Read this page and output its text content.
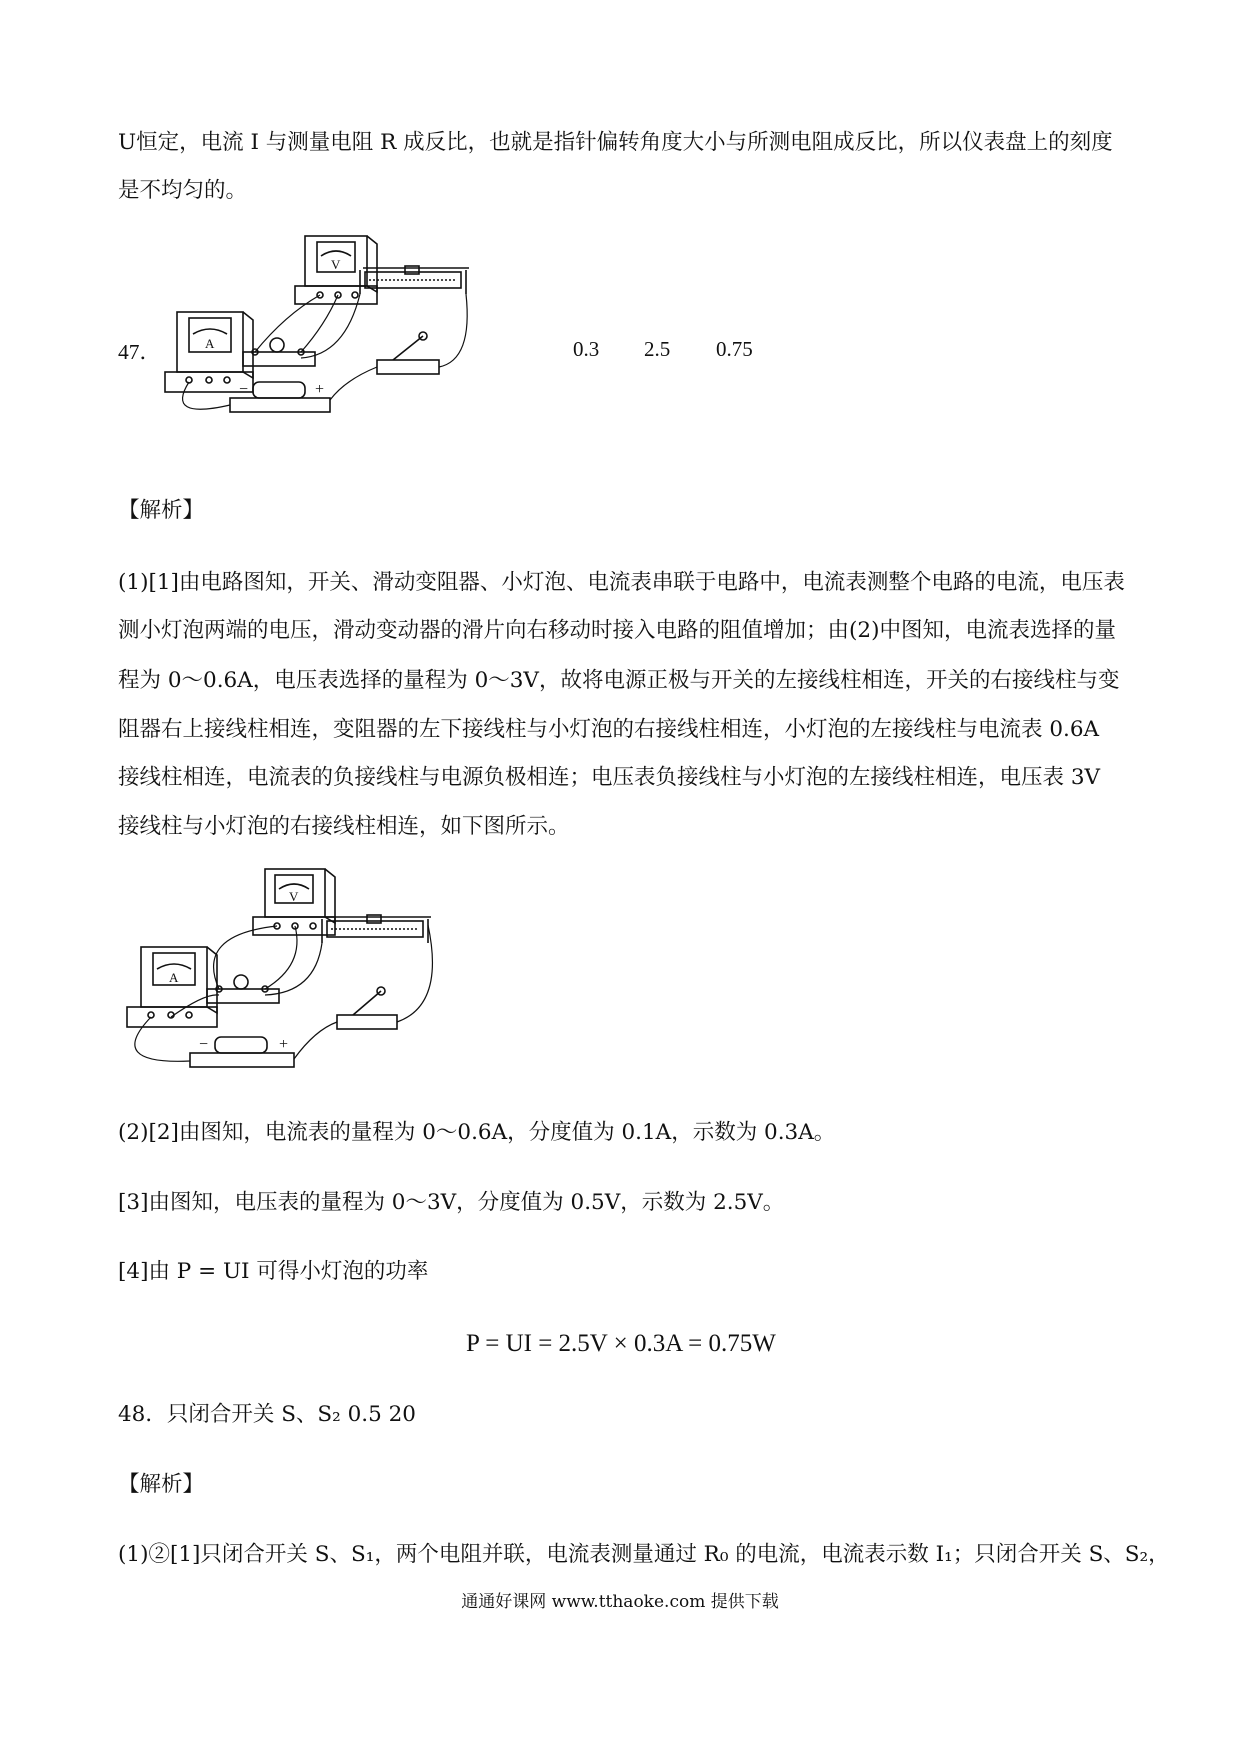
U恒定，电流 I 与测量电阻 R 成反比，也就是指针偏转角度大小与所测电阻成反比，所以仪表盘上的刻度
是不均匀的。
47．
V
A
−	+
0.3 2.5 0.75
【解析】
(1)[1]由电路图知，开关、滑动变阻器、小灯泡、电流表串联于电路中，电流表测整个电路的电流，电压表
测小灯泡两端的电压，滑动变动器的滑片向右移动时接入电路的阻值增加；由(2)中图知，电流表选择的量
程为 0～0.6A，电压表选择的量程为 0～3V，故将电源正极与开关的左接线柱相连，开关的右接线柱与变
阻器右上接线柱相连，变阻器的左下接线柱与小灯泡的右接线柱相连，小灯泡的左接线柱与电流表 0.6A
接线柱相连，电流表的负接线柱与电源负极相连；电压表负接线柱与小灯泡的左接线柱相连，电压表 3V
接线柱与小灯泡的右接线柱相连，如下图所示。
V
A
−	+
(2)[2]由图知，电流表的量程为 0～0.6A，分度值为 0.1A，示数为 0.3A。
[3]由图知，电压表的量程为 0～3V，分度值为 0.5V，示数为 2.5V。
[4]由 P = UI 可得小灯泡的功率
P = UI = 2.5V × 0.3A = 0.75W
48．只闭合开关 S、S₂ 0.5 20
【解析】
(1)②[1]只闭合开关 S、S₁，两个电阻并联，电流表测量通过 R₀ 的电流，电流表示数 I₁；只闭合开关 S、S₂，
通通好课网 www.tthaoke.com 提供下载
